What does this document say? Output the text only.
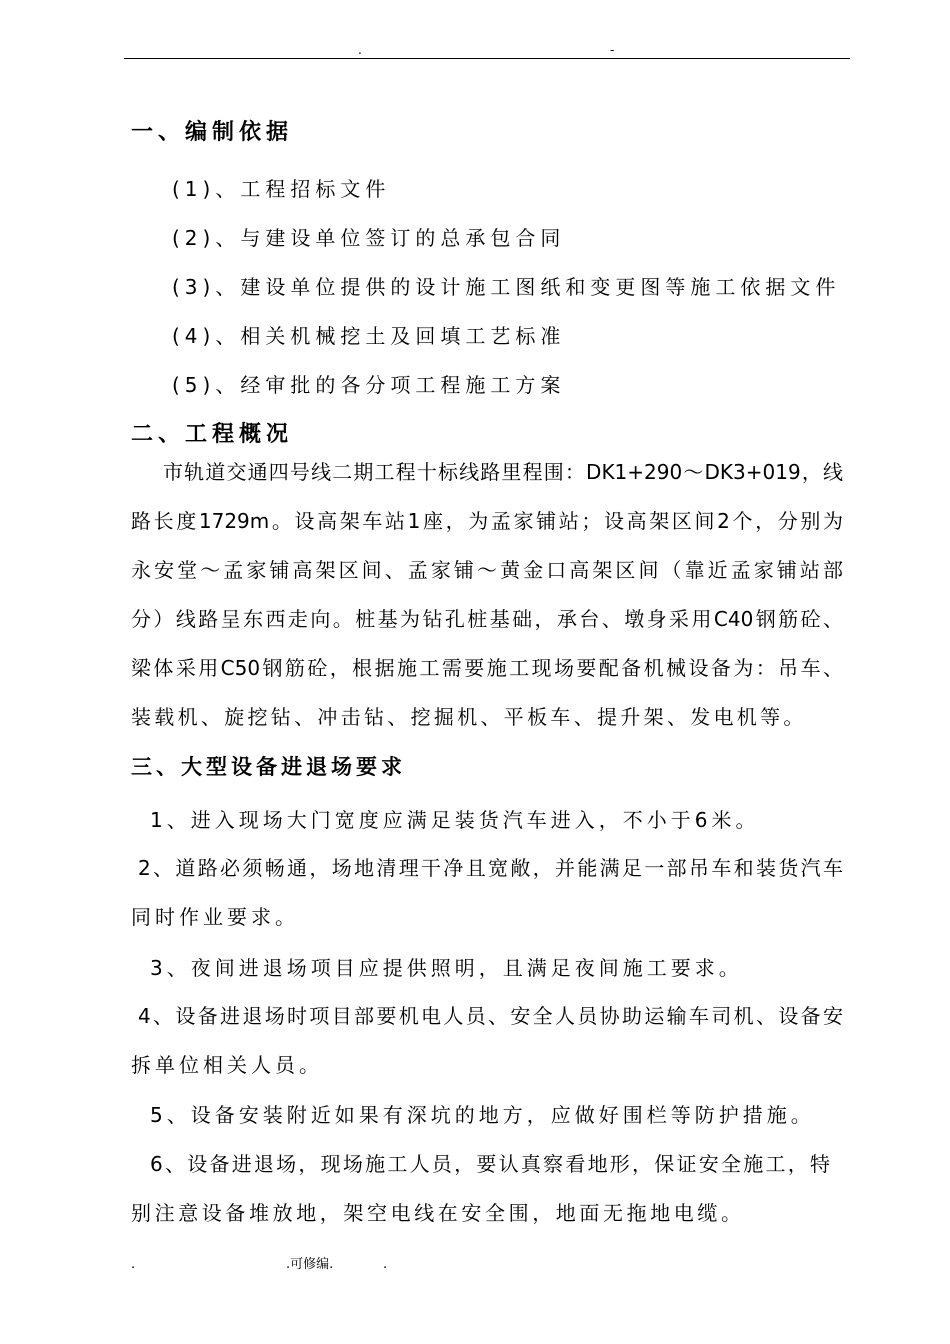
.	-
一、编制依据
(1)、工程招标文件
(2)、与建设单位签订的总承包合同
(3)、建设单位提供的设计施工图纸和变更图等施工依据文件
(4)、相关机械挖土及回填工艺标准
(5)、经审批的各分项工程施工方案
二、工程概况
市轨道交通四号线二期工程十标线路里程围：DK1+290～DK3+019，线
路长度1729m。设高架车站1座，为孟家铺站；设高架区间2个，分别为
永安堂～孟家铺高架区间、孟家铺～黄金口高架区间（靠近孟家铺站部
分）线路呈东西走向。桩基为钻孔桩基础，承台、墩身采用C40钢筋砼、
梁体采用C50钢筋砼，根据施工需要施工现场要配备机械设备为：吊车、
装载机、旋挖钻、冲击钻、挖掘机、平板车、提升架、发电机等。
三、大型设备进退场要求
1、进入现场大门宽度应满足装货汽车进入，不小于6米。
2、道路必须畅通，场地清理干净且宽敞，并能满足一部吊车和装货汽车
同时作业要求。
3、夜间进退场项目应提供照明，且满足夜间施工要求。
4、设备进退场时项目部要机电人员、安全人员协助运输车司机、设备安
拆单位相关人员。
5、设备安装附近如果有深坑的地方，应做好围栏等防护措施。
6、设备进退场，现场施工人员，要认真察看地形，保证安全施工，特
别注意设备堆放地，架空电线在安全围，地面无拖地电缆。
.	.可修编.	.
